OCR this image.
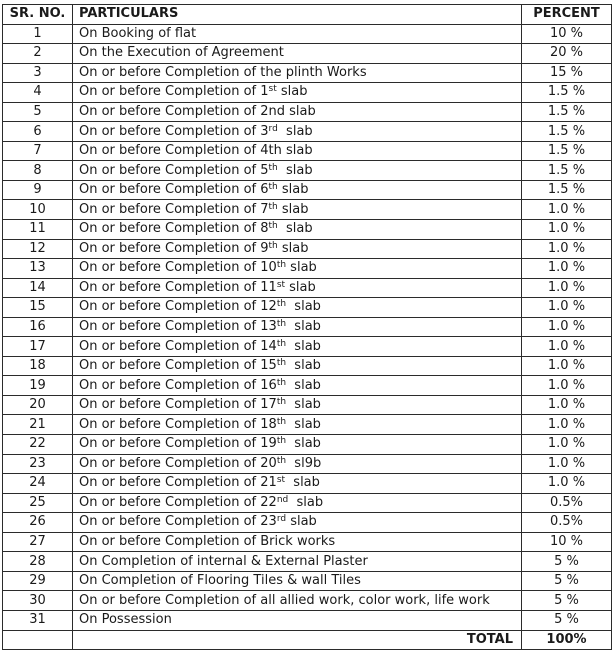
SR. NO.	PARTICULARS	PERCENT
1	On Booking of flat	10 %
2	On the Execution of Agreement	20 %
3	On or before Completion of the plinth Works	15 %
4	On or before Completion of 1st slab	1.5 %
5	On or before Completion of 2nd slab	1.5 %
6	On or before Completion of 3rd  slab	1.5 %
7	On or before Completion of 4th slab	1.5 %
8	On or before Completion of 5th  slab	1.5 %
9	On or before Completion of 6th slab	1.5 %
10	On or before Completion of 7th slab	1.0 %
11	On or before Completion of 8th  slab	1.0 %
12	On or before Completion of 9th slab	1.0 %
13	On or before Completion of 10th slab	1.0 %
14	On or before Completion of 11st slab	1.0 %
15	On or before Completion of 12th  slab	1.0 %
16	On or before Completion of 13th  slab	1.0 %
17	On or before Completion of 14th  slab	1.0 %
18	On or before Completion of 15th  slab	1.0 %
19	On or before Completion of 16th  slab	1.0 %
20	On or before Completion of 17th  slab	1.0 %
21	On or before Completion of 18th  slab	1.0 %
22	On or before Completion of 19th  slab	1.0 %
23	On or before Completion of 20th  sl9b	1.0 %
24	On or before Completion of 21st  slab	1.0 %
25	On or before Completion of 22nd  slab	0.5%
26	On or before Completion of 23rd slab	0.5%
27	On or before Completion of Brick works	10 %
28	On Completion of internal & External Plaster	5 %
29	On Completion of Flooring Tiles & wall Tiles	5 %
30	On or before Completion of all allied work, color work, life work	5 %
31	On Possession	5 %
	TOTAL	100%
